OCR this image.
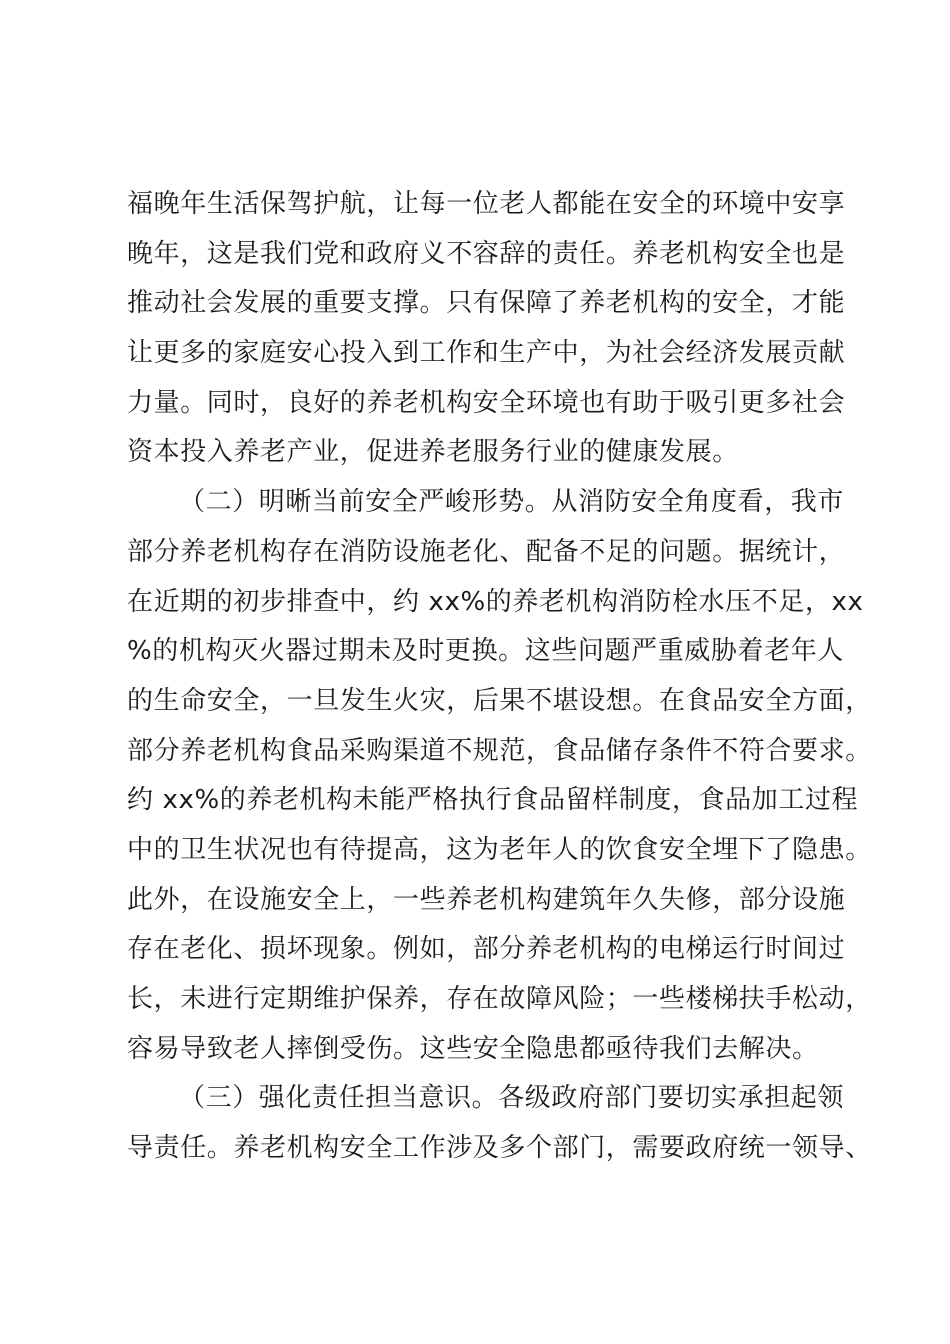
福晚年生活保驾护航，让每一位老人都能在安全的环境中安享
晚年，这是我们党和政府义不容辞的责任。养老机构安全也是
推动社会发展的重要支撑。只有保障了养老机构的安全，才能
让更多的家庭安心投入到工作和生产中，为社会经济发展贡献
力量。同时，良好的养老机构安全环境也有助于吸引更多社会
资本投入养老产业，促进养老服务行业的健康发展。
（二）明晰当前安全严峻形势。从消防安全角度看，我市
部分养老机构存在消防设施老化、配备不足的问题。据统计，
在近期的初步排查中，约 xx%的养老机构消防栓水压不足，xx
%的机构灭火器过期未及时更换。这些问题严重威胁着老年人
的生命安全，一旦发生火灾，后果不堪设想。在食品安全方面，
部分养老机构食品采购渠道不规范，食品储存条件不符合要求。
约 xx%的养老机构未能严格执行食品留样制度，食品加工过程
中的卫生状况也有待提高，这为老年人的饮食安全埋下了隐患。
此外，在设施安全上，一些养老机构建筑年久失修，部分设施
存在老化、损坏现象。例如，部分养老机构的电梯运行时间过
长，未进行定期维护保养，存在故障风险；一些楼梯扶手松动，
容易导致老人摔倒受伤。这些安全隐患都亟待我们去解决。
（三）强化责任担当意识。各级政府部门要切实承担起领
导责任。养老机构安全工作涉及多个部门，需要政府统一领导、
